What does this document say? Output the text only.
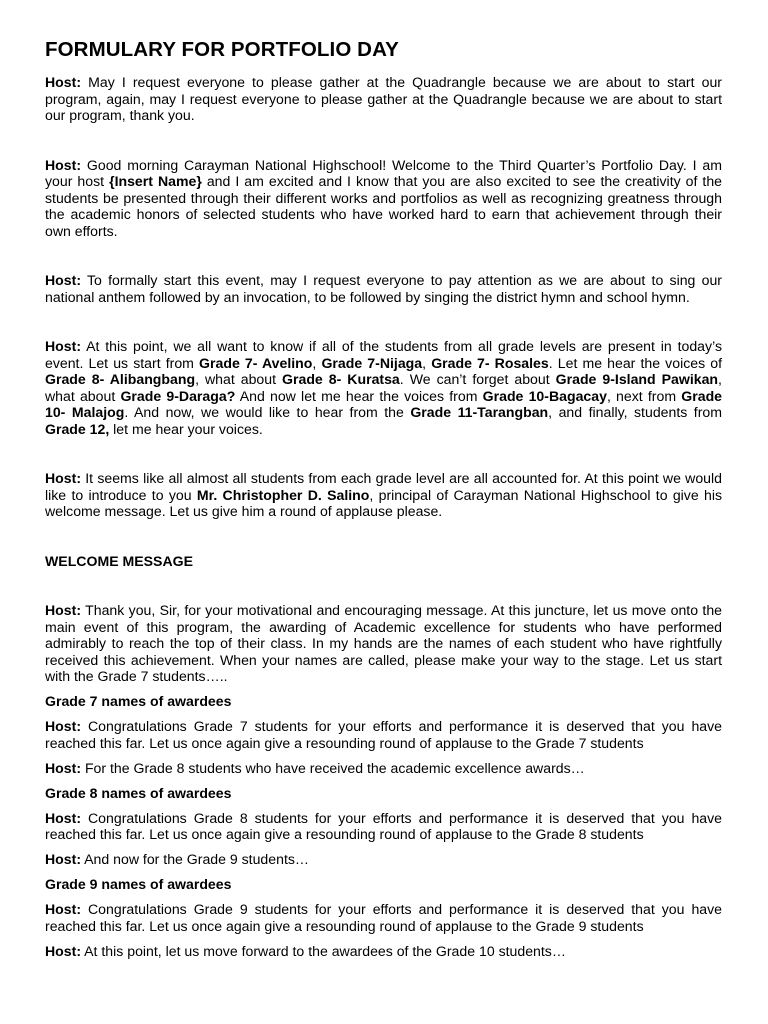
FORMULARY FOR PORTFOLIO DAY

Host: May I request everyone to please gather at the Quadrangle because we are about to start our program, again, may I request everyone to please gather at the Quadrangle because we are about to start our program, thank you.

Host: Good morning Carayman National Highschool! Welcome to the Third Quarter’s Portfolio Day. I am your host {Insert Name} and I am excited and I know that you are also excited to see the creativity of the students be presented through their different works and portfolios as well as recognizing greatness through the academic honors of selected students who have worked hard to earn that achievement through their own efforts.

Host: To formally start this event, may I request everyone to pay attention as we are about to sing our national anthem followed by an invocation, to be followed by singing the district hymn and school hymn.

Host: At this point, we all want to know if all of the students from all grade levels are present in today’s event. Let us start from Grade 7- Avelino, Grade 7-Nijaga, Grade 7- Rosales. Let me hear the voices of Grade 8- Alibangbang, what about Grade 8- Kuratsa. We can’t forget about Grade 9-Island Pawikan, what about Grade 9-Daraga? And now let me hear the voices from Grade 10-Bagacay, next from Grade 10- Malajog. And now, we would like to hear from the Grade 11-Tarangban, and finally, students from Grade 12, let me hear your voices.

Host: It seems like all almost all students from each grade level are all accounted for. At this point we would like to introduce to you Mr. Christopher D. Salino, principal of Carayman National Highschool to give his welcome message. Let us give him a round of applause please.

WELCOME MESSAGE

Host: Thank you, Sir, for your motivational and encouraging message. At this juncture, let us move onto the main event of this program, the awarding of Academic excellence for students who have performed admirably to reach the top of their class. In my hands are the names of each student who have rightfully received this achievement. When your names are called, please make your way to the stage. Let us start with the Grade 7 students…..

Grade 7 names of awardees

Host: Congratulations Grade 7 students for your efforts and performance it is deserved that you have reached this far. Let us once again give a resounding round of applause to the Grade 7 students

Host: For the Grade 8 students who have received the academic excellence awards…

Grade 8 names of awardees

Host: Congratulations Grade 8 students for your efforts and performance it is deserved that you have reached this far. Let us once again give a resounding round of applause to the Grade 8 students

Host: And now for the Grade 9 students…

Grade 9 names of awardees

Host: Congratulations Grade 9 students for your efforts and performance it is deserved that you have reached this far. Let us once again give a resounding round of applause to the Grade 9 students

Host: At this point, let us move forward to the awardees of the Grade 10 students…
